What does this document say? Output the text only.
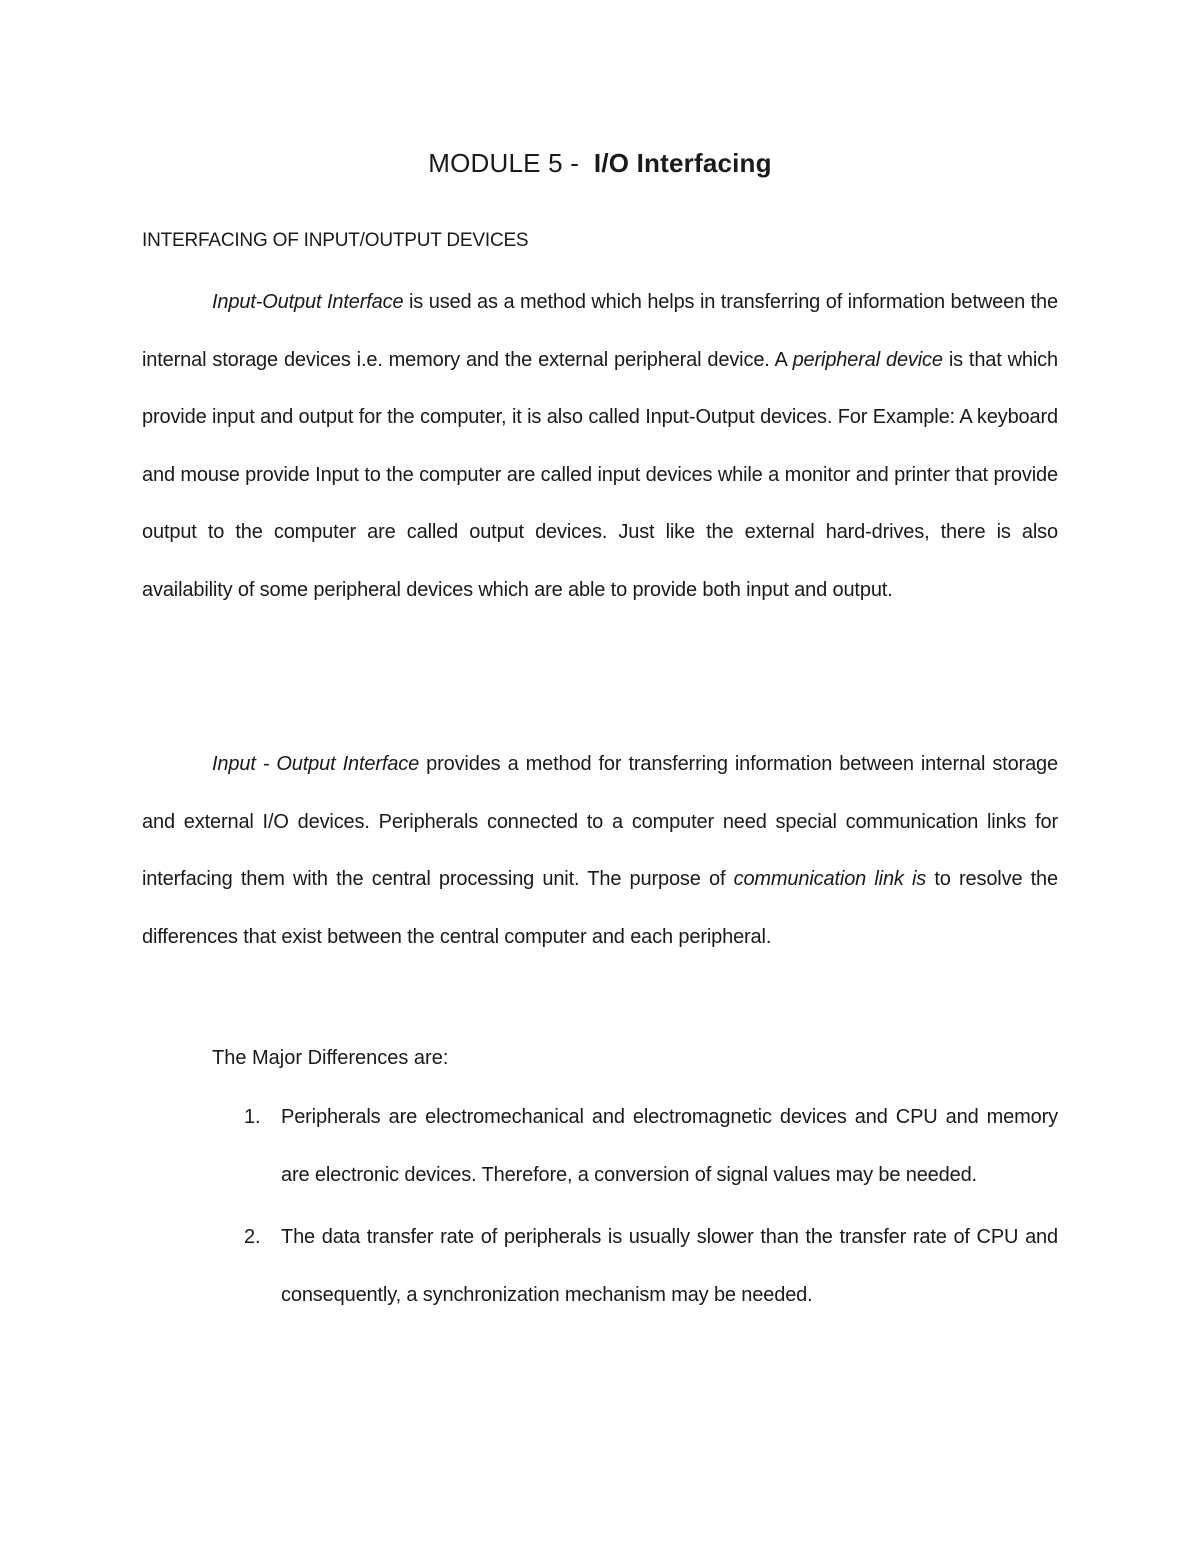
MODULE 5 - I/O Interfacing
INTERFACING OF INPUT/OUTPUT DEVICES

Input-Output Interface is used as a method which helps in transferring of information between the internal storage devices i.e. memory and the external peripheral device. A peripheral device is that which provide input and output for the computer, it is also called Input-Output devices. For Example: A keyboard and mouse provide Input to the computer are called input devices while a monitor and printer that provide output to the computer are called output devices. Just like the external hard-drives, there is also availability of some peripheral devices which are able to provide both input and output.

Input - Output Interface provides a method for transferring information between internal storage and external I/O devices. Peripherals connected to a computer need special communication links for interfacing them with the central processing unit. The purpose of communication link is to resolve the differences that exist between the central computer and each peripheral.

The Major Differences are:

1. Peripherals are electromechanical and electromagnetic devices and CPU and memory are electronic devices. Therefore, a conversion of signal values may be needed.
2. The data transfer rate of peripherals is usually slower than the transfer rate of CPU and consequently, a synchronization mechanism may be needed.
